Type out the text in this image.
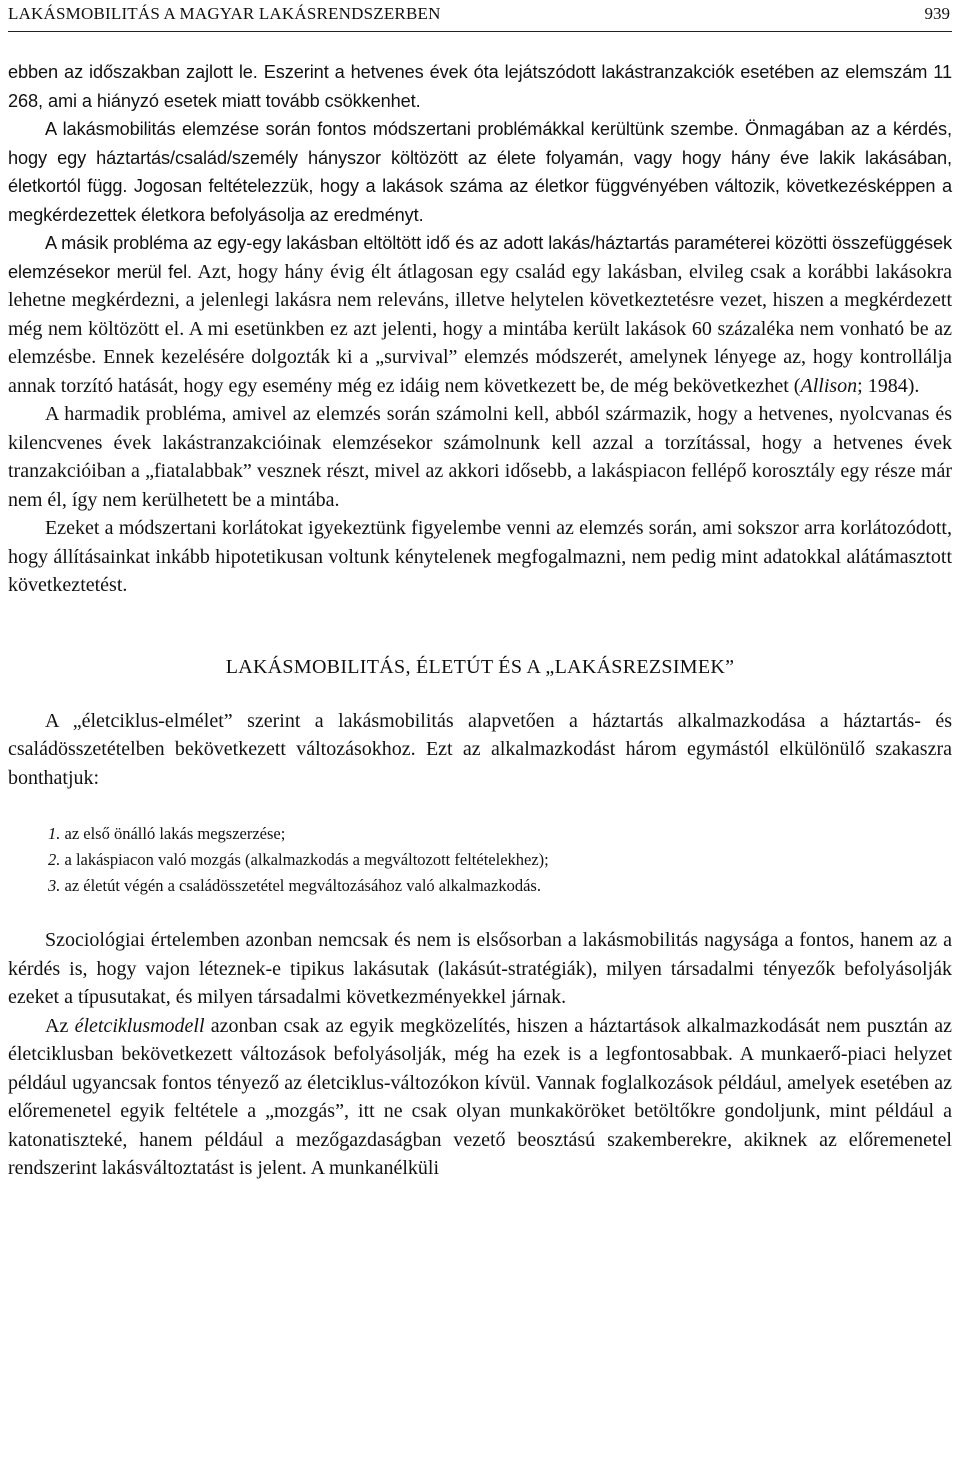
LAKÁSMOBILITÁS A MAGYAR LAKÁSRENDSZERBEN	939

ebben az időszakban zajlott le. Eszerint a hetvenes évek óta lejátszódott lakástranzakciók esetében az elemszám 11 268, ami a hiányzó esetek miatt tovább csökkenhet.

A lakásmobilitás elemzése során fontos módszertani problémákkal kerültünk szembe. Önmagában az a kérdés, hogy egy háztartás/család/személy hányszor költözött az élete folyamán, vagy hogy hány éve lakik lakásában, életkortól függ. Jogosan feltételezzük, hogy a lakások száma az életkor függvényében változik, következésképpen a megkérdezettek életkora befolyásolja az eredményt.

A másik probléma az egy-egy lakásban eltöltött idő és az adott lakás/háztartás paraméterei közötti összefüggések elemzésekor merül fel. Azt, hogy hány évig élt átlagosan egy család egy lakásban, elvileg csak a korábbi lakásokra lehetne megkérdezni, a jelenlegi lakásra nem releváns, illetve helytelen következtetésre vezet, hiszen a megkérdezett még nem költözött el. A mi esetünkben ez azt jelenti, hogy a mintába került lakások 60 százaléka nem vonható be az elemzésbe. Ennek kezelésére dolgozták ki a „survival” elemzés módszerét, amelynek lényege az, hogy kontrollálja annak torzító hatását, hogy egy esemény még ez idáig nem következett be, de még bekövetkezhet (Allison; 1984).

A harmadik probléma, amivel az elemzés során számolni kell, abból származik, hogy a hetvenes, nyolcvanas és kilencvenes évek lakástranzakcióinak elemzésekor számolnunk kell azzal a torzítással, hogy a hetvenes évek tranzakcióiban a „fiatalabbak” vesznek részt, mivel az akkori idősebb, a lakáspiacon fellépő korosztály egy része már nem él, így nem kerülhetett be a mintába.

Ezeket a módszertani korlátokat igyekeztünk figyelembe venni az elemzés során, ami sokszor arra korlátozódott, hogy állításainkat inkább hipotetikusan voltunk kénytelenek megfogalmazni, nem pedig mint adatokkal alátámasztott következtetést.

LAKÁSMOBILITÁS, ÉLETÚT ÉS A „LAKÁSREZSIMEK”

A „életciklus-elmélet” szerint a lakásmobilitás alapvetően a háztartás alkalmazkodása a háztartás- és családösszetételben bekövetkezett változásokhoz. Ezt az alkalmazkodást három egymástól elkülönülő szakaszra bonthatjuk:

1. az első önálló lakás megszerzése;
2. a lakáspiacon való mozgás (alkalmazkodás a megváltozott feltételekhez);
3. az életút végén a családösszetétel megváltozásához való alkalmazkodás.

Szociológiai értelemben azonban nemcsak és nem is elsősorban a lakásmobilitás nagysága a fontos, hanem az a kérdés is, hogy vajon léteznek-e tipikus lakásutak (lakásút-stratégiák), milyen társadalmi tényezők befolyásolják ezeket a típusutakat, és milyen társadalmi következményekkel járnak.

Az életciklusmodell azonban csak az egyik megközelítés, hiszen a háztartások alkalmazkodását nem pusztán az életciklusban bekövetkezett változások befolyásolják, még ha ezek is a legfontosabbak. A munkaerő-piaci helyzet például ugyancsak fontos tényező az életciklus-változókon kívül. Vannak foglalkozások például, amelyek esetében az előremenetel egyik feltétele a „mozgás”, itt ne csak olyan munkaköröket betöltőkre gondoljunk, mint például a katonatiszteké, hanem például a mezőgazdaságban vezető beosztású szakemberekre, akiknek az előremenetel rendszerint lakásváltoztatást is jelent. A munkanélküli
